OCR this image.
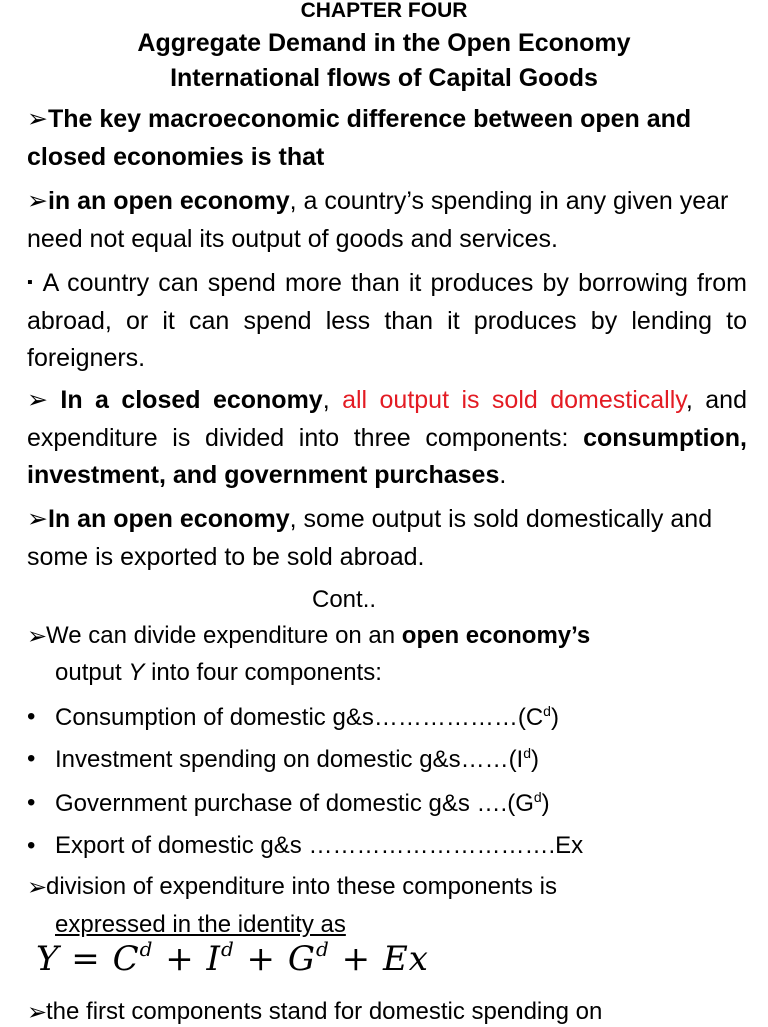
CHAPTER FOUR
Aggregate Demand in the Open Economy
International flows of Capital Goods
➢The key macroeconomic difference between open and closed economies is that
➢in an open economy, a country’s spending in any given year need not equal its output of goods and services.
▪ A country can spend more than it produces by borrowing from abroad, or it can spend less than it produces by lending to foreigners.
➢ In a closed economy, all output is sold domestically, and expenditure is divided into three components: consumption, investment, and government purchases.
➢In an open economy, some output is sold domestically and some is exported to be sold abroad.
Cont..
➢
We can divide expenditure on an open economy’s
output Y into four components:
• Consumption of domestic $g\&s\dots\dots\dots\dots\dots\dots(C^d)$
• Investment spending on domestic $g\&s\dots\dots(I^d)$
• Government purchase of domestic g&s $\dots.(G^d)$
• Export of domestic g&s ………………………….Ex
➢
division of expenditure into these components is
expressed in the identity as
$Y = C^d + I^d + G^d + Ex$
➢
the first components stand for domestic spending on
